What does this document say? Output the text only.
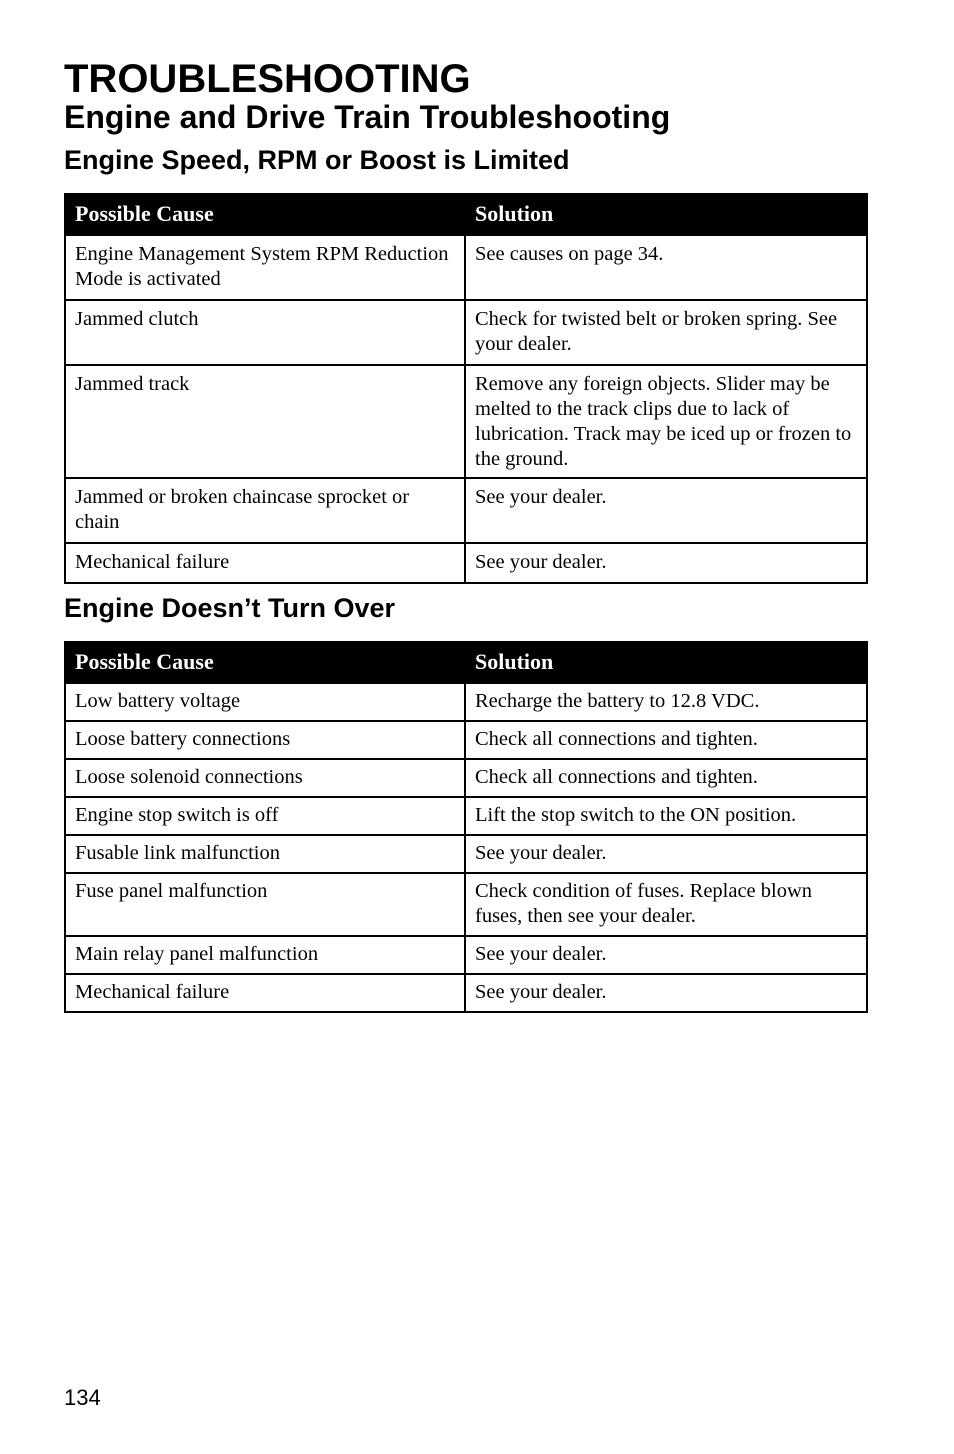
TROUBLESHOOTING
Engine and Drive Train Troubleshooting
Engine Speed, RPM or Boost is Limited
Possible Cause	Solution
Engine Management System RPM Reduction Mode is activated	See causes on page 34.
Jammed clutch	Check for twisted belt or broken spring. See your dealer.
Jammed track	Remove any foreign objects. Slider may be melted to the track clips due to lack of lubrication. Track may be iced up or frozen to the ground.
Jammed or broken chaincase sprocket or chain	See your dealer.
Mechanical failure	See your dealer.
Engine Doesn’t Turn Over
Possible Cause	Solution
Low battery voltage	Recharge the battery to 12.8 VDC.
Loose battery connections	Check all connections and tighten.
Loose solenoid connections	Check all connections and tighten.
Engine stop switch is off	Lift the stop switch to the ON position.
Fusable link malfunction	See your dealer.
Fuse panel malfunction	Check condition of fuses. Replace blown fuses, then see your dealer.
Main relay panel malfunction	See your dealer.
Mechanical failure	See your dealer.
134
